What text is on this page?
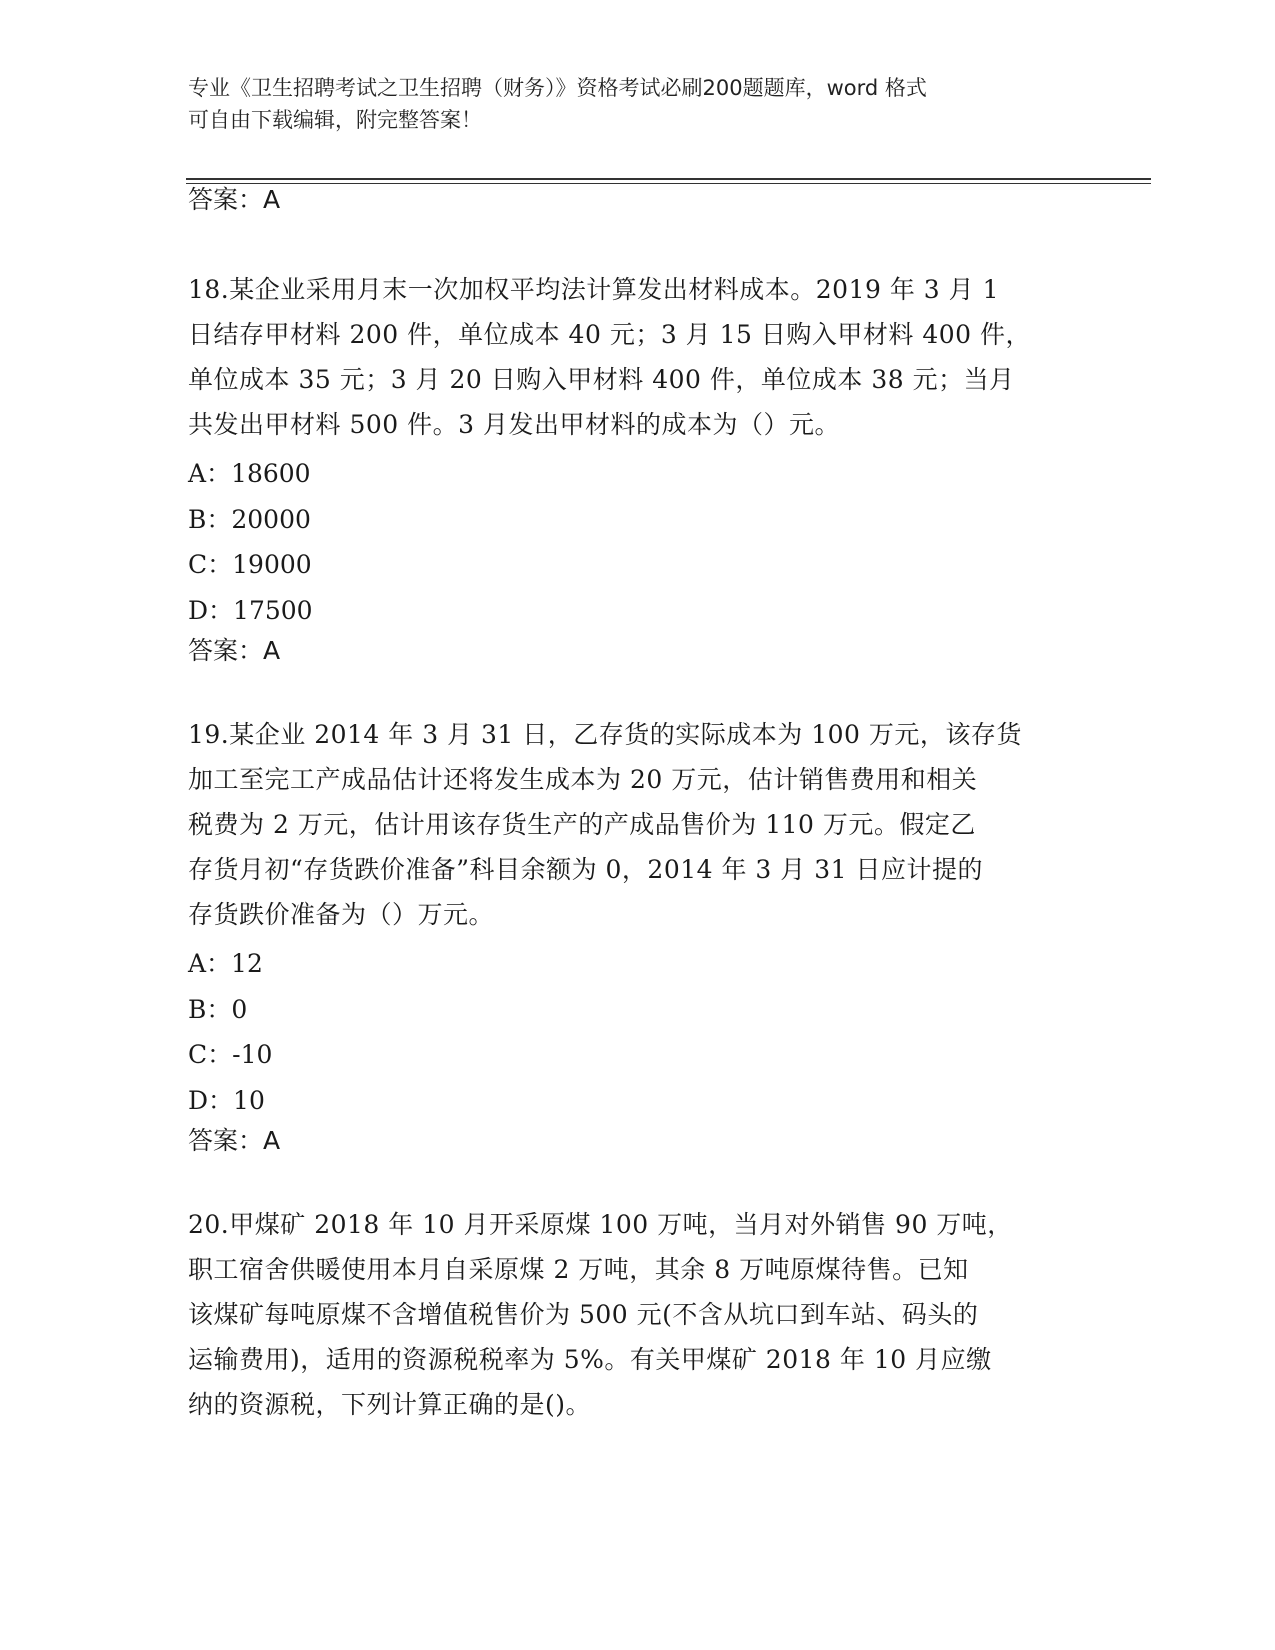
专业《卫生招聘考试之卫生招聘（财务）》资格考试必刷200题题库，word 格式
可自由下载编辑，附完整答案！
答案：A
18.某企业采用月末一次加权平均法计算发出材料成本。2019 年 3 月 1
日结存甲材料 200 件，单位成本 40 元；3 月 15 日购入甲材料 400 件，
单位成本 35 元；3 月 20 日购入甲材料 400 件，单位成本 38 元；当月
共发出甲材料 500 件。3 月发出甲材料的成本为（）元。
A：18600
B：20000
C：19000
D：17500
答案：A
19.某企业 2014 年 3 月 31 日，乙存货的实际成本为 100 万元，该存货
加工至完工产成品估计还将发生成本为 20 万元，估计销售费用和相关
税费为 2 万元，估计用该存货生产的产成品售价为 110 万元。假定乙
存货月初“存货跌价准备”科目余额为 0，2014 年 3 月 31 日应计提的
存货跌价准备为（）万元。
A：12
B：0
C：-10
D：10
答案：A
20.甲煤矿 2018 年 10 月开采原煤 100 万吨，当月对外销售 90 万吨，
职工宿舍供暖使用本月自采原煤 2 万吨，其余 8 万吨原煤待售。已知
该煤矿每吨原煤不含增值税售价为 500 元(不含从坑口到车站、码头的
运输费用)，适用的资源税税率为 5%。有关甲煤矿 2018 年 10 月应缴
纳的资源税，下列计算正确的是()。
